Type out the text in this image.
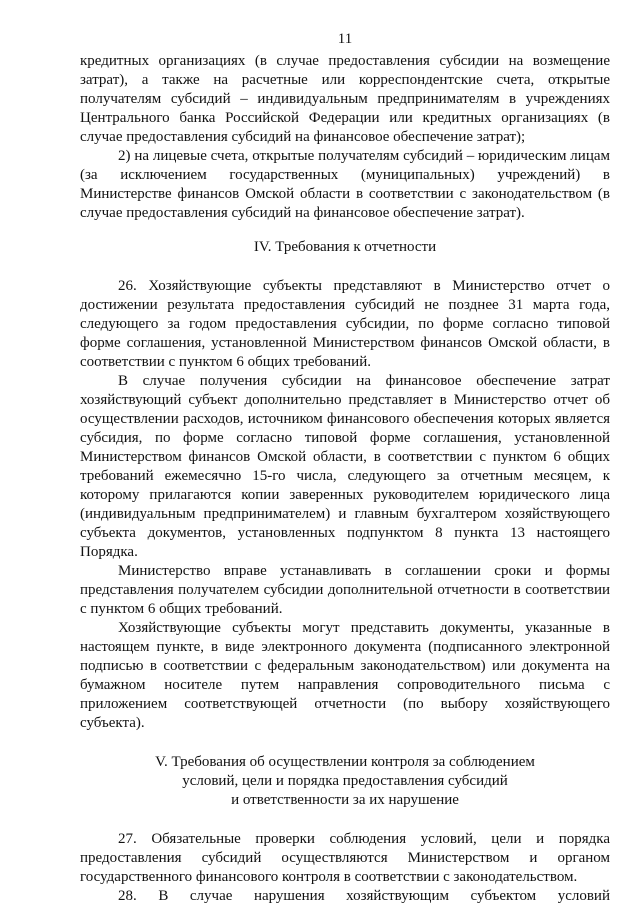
11

кредитных организациях (в случае предоставления субсидии на возмещение затрат), а также на расчетные или корреспондентские счета, открытые получателям субсидий – индивидуальным предпринимателям в учреждениях Центрального банка Российской Федерации или кредитных организациях (в случае предоставления субсидий на финансовое обеспечение затрат);

2) на лицевые счета, открытые получателям субсидий – юридическим лицам (за исключением государственных (муниципальных) учреждений) в Министерстве финансов Омской области в соответствии с законодательством (в случае предоставления субсидий на финансовое обеспечение затрат).

IV. Требования к отчетности

26. Хозяйствующие субъекты представляют в Министерство отчет о достижении результата предоставления субсидий не позднее 31 марта года, следующего за годом предоставления субсидии, по форме согласно типовой форме соглашения, установленной Министерством финансов Омской области, в соответствии с пунктом 6 общих требований.

В случае получения субсидии на финансовое обеспечение затрат хозяйствующий субъект дополнительно представляет в Министерство отчет об осуществлении расходов, источником финансового обеспечения которых является субсидия, по форме согласно типовой форме соглашения, установленной Министерством финансов Омской области, в соответствии с пунктом 6 общих требований ежемесячно 15-го числа, следующего за отчетным месяцем, к которому прилагаются копии заверенных руководителем юридического лица (индивидуальным предпринимателем) и главным бухгалтером хозяйствующего субъекта документов, установленных подпунктом 8 пункта 13 настоящего Порядка.

Министерство вправе устанавливать в соглашении сроки и формы представления получателем субсидии дополнительной отчетности в соответствии с пунктом 6 общих требований.

Хозяйствующие субъекты могут представить документы, указанные в настоящем пункте, в виде электронного документа (подписанного электронной подписью в соответствии с федеральным законодательством) или документа на бумажном носителе путем направления сопроводительного письма с приложением соответствующей отчетности (по выбору хозяйствующего субъекта).

V. Требования об осуществлении контроля за соблюдением
условий, цели и порядка предоставления субсидий
и ответственности за их нарушение

27. Обязательные проверки соблюдения условий, цели и порядка предоставления субсидий осуществляются Министерством и органом государственного финансового контроля в соответствии с законодательством.

28. В случае нарушения хозяйствующим субъектом условий
